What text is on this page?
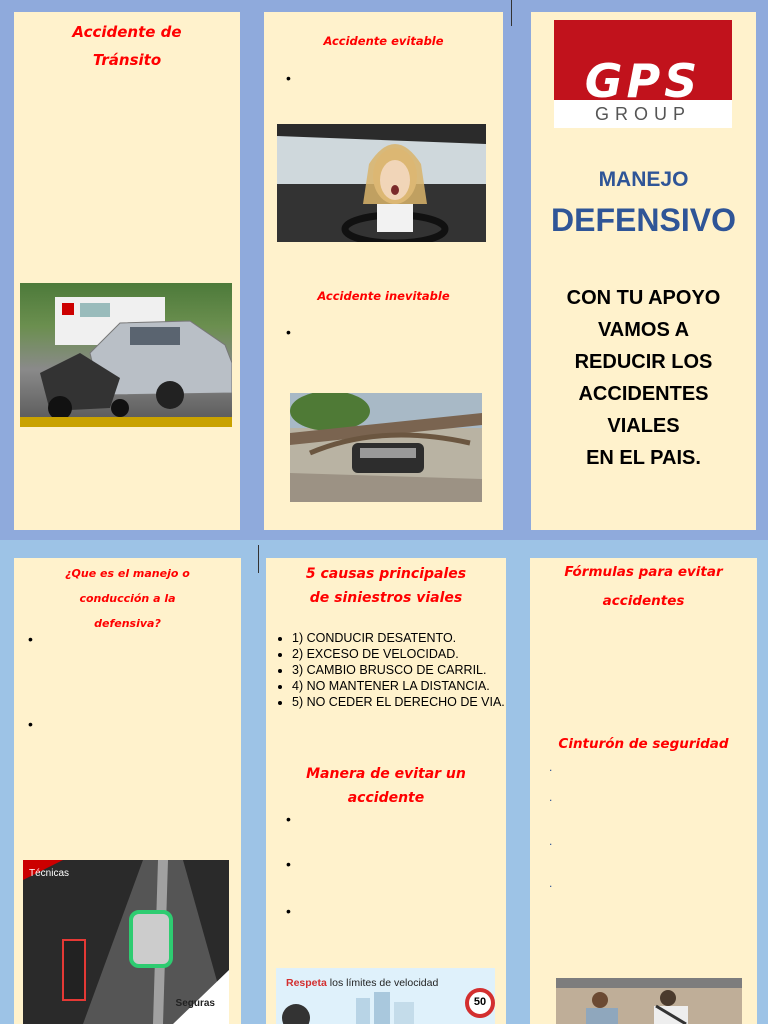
Accidente de
Tránsito
Accidente evitable
•
Accidente inevitable
•
GPS
GROUP
MANEJO
DEFENSIVO
CON TU APOYO
VAMOS A
REDUCIR LOS
ACCIDENTES
VIALES
EN EL PAIS.
¿Que es el manejo o
conducción a la
defensiva?
•
•
Técnicas
Seguras
5 causas principales
de siniestros viales
• 1) CONDUCIR DESATENTO.
• 2) EXCESO DE VELOCIDAD.
• 3) CAMBIO BRUSCO DE CARRIL.
• 4) NO MANTENER LA DISTANCIA.
• 5) NO CEDER EL DERECHO DE VIA.
Manera de evitar un
accidente
•
•
•
Respeta los límites de velocidad
50
Fórmulas para evitar
accidentes
Cinturón de seguridad
.
.
.
.
